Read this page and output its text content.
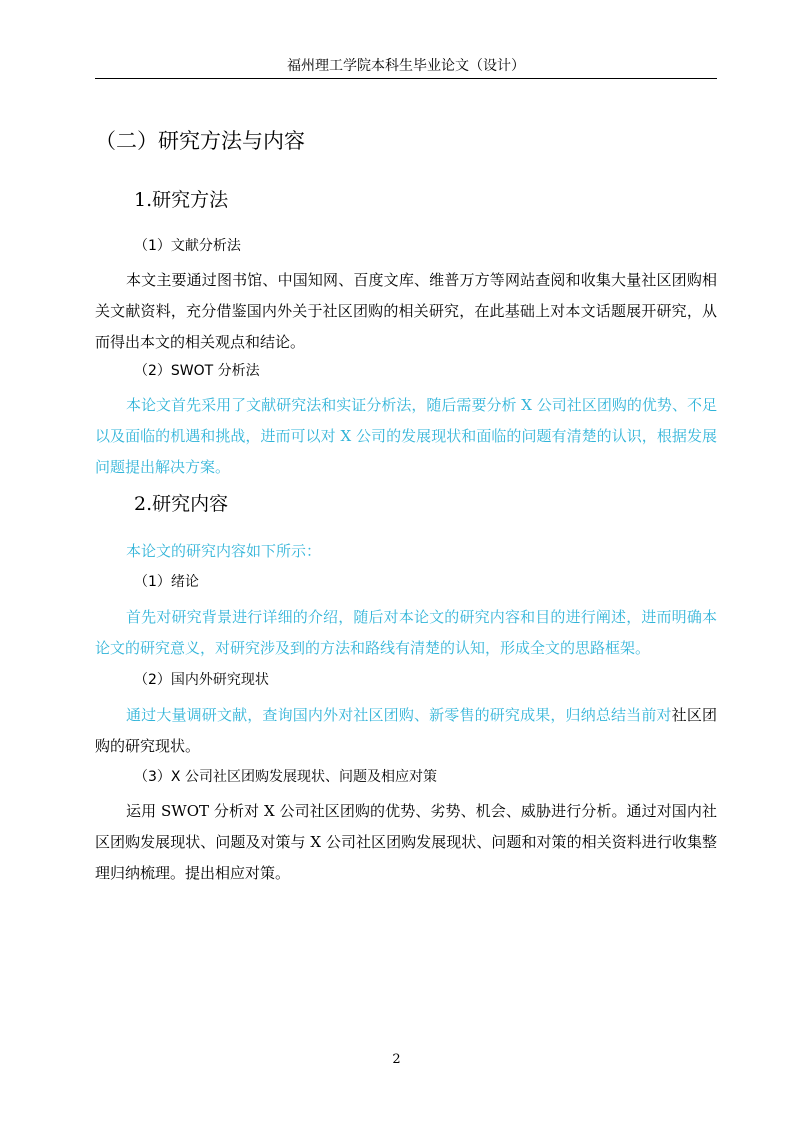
福州理工学院本科生毕业论文（设计）
（二）研究方法与内容
1.研究方法
（1）文献分析法

本文主要通过图书馆、中国知网、百度文库、维普万方等网站查阅和收集大量社区团购相关文献资料，充分借鉴国内外关于社区团购的相关研究，在此基础上对本文话题展开研究，从而得出本文的相关观点和结论。

（2）SWOT 分析法

本论文首先采用了文献研究法和实证分析法，随后需要分析 X 公司社区团购的优势、不足以及面临的机遇和挑战，进而可以对 X 公司的发展现状和面临的问题有清楚的认识，根据发展问题提出解决方案。

2.研究内容

本论文的研究内容如下所示：

（1）绪论

首先对研究背景进行详细的介绍，随后对本论文的研究内容和目的进行阐述，进而明确本论文的研究意义，对研究涉及到的方法和路线有清楚的认知，形成全文的思路框架。

（2）国内外研究现状

通过大量调研文献，查询国内外对社区团购、新零售的研究成果，归纳总结当前对社区团购的研究现状。

（3）X 公司社区团购发展现状、问题及相应对策

运用 SWOT 分析对 X 公司社区团购的优势、劣势、机会、威胁进行分析。通过对国内社区团购发展现状、问题及对策与 X 公司社区团购发展现状、问题和对策的相关资料进行收集整理归纳梳理。提出相应对策。

2
